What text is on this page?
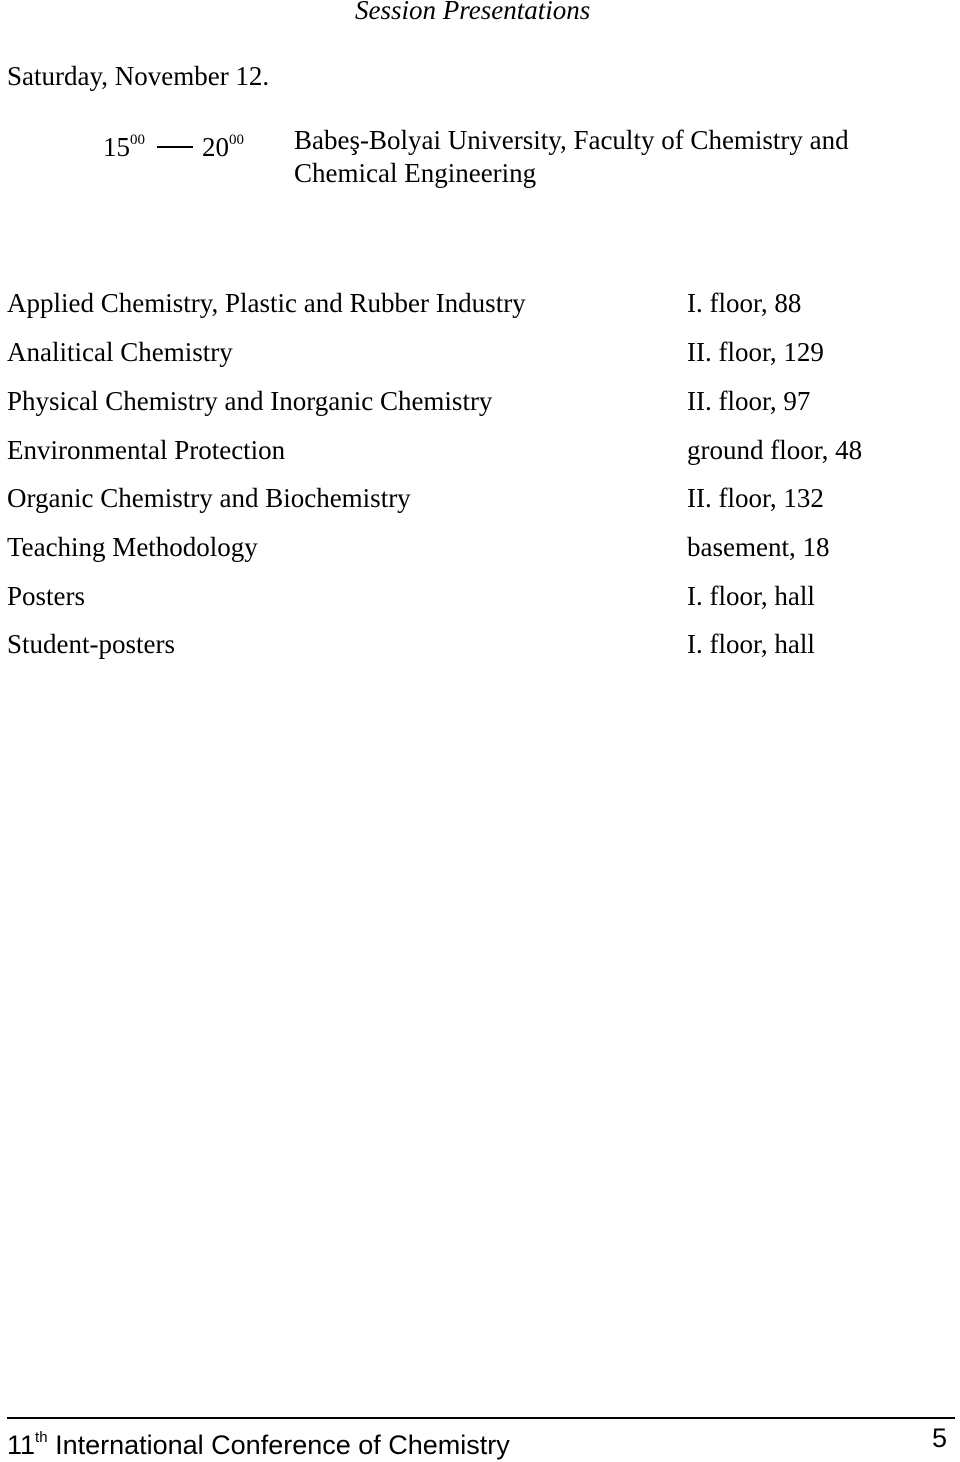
Session Presentations
Saturday, November 12.
$15^{00}$ $20^{00}$ Babeş-Bolyai University, Faculty of Chemistry and Chemical Engineering
Applied Chemistry, Plastic and Rubber Industry	I. floor, 88
Analitical Chemistry	II. floor, 129
Physical Chemistry and Inorganic Chemistry	II. floor, 97
Environmental Protection	ground floor, 48
Organic Chemistry and Biochemistry	II. floor, 132
Teaching Methodology	basement, 18
Posters	I. floor, hall
Student-posters	I. floor, hall
11th International Conference of Chemistry	5
